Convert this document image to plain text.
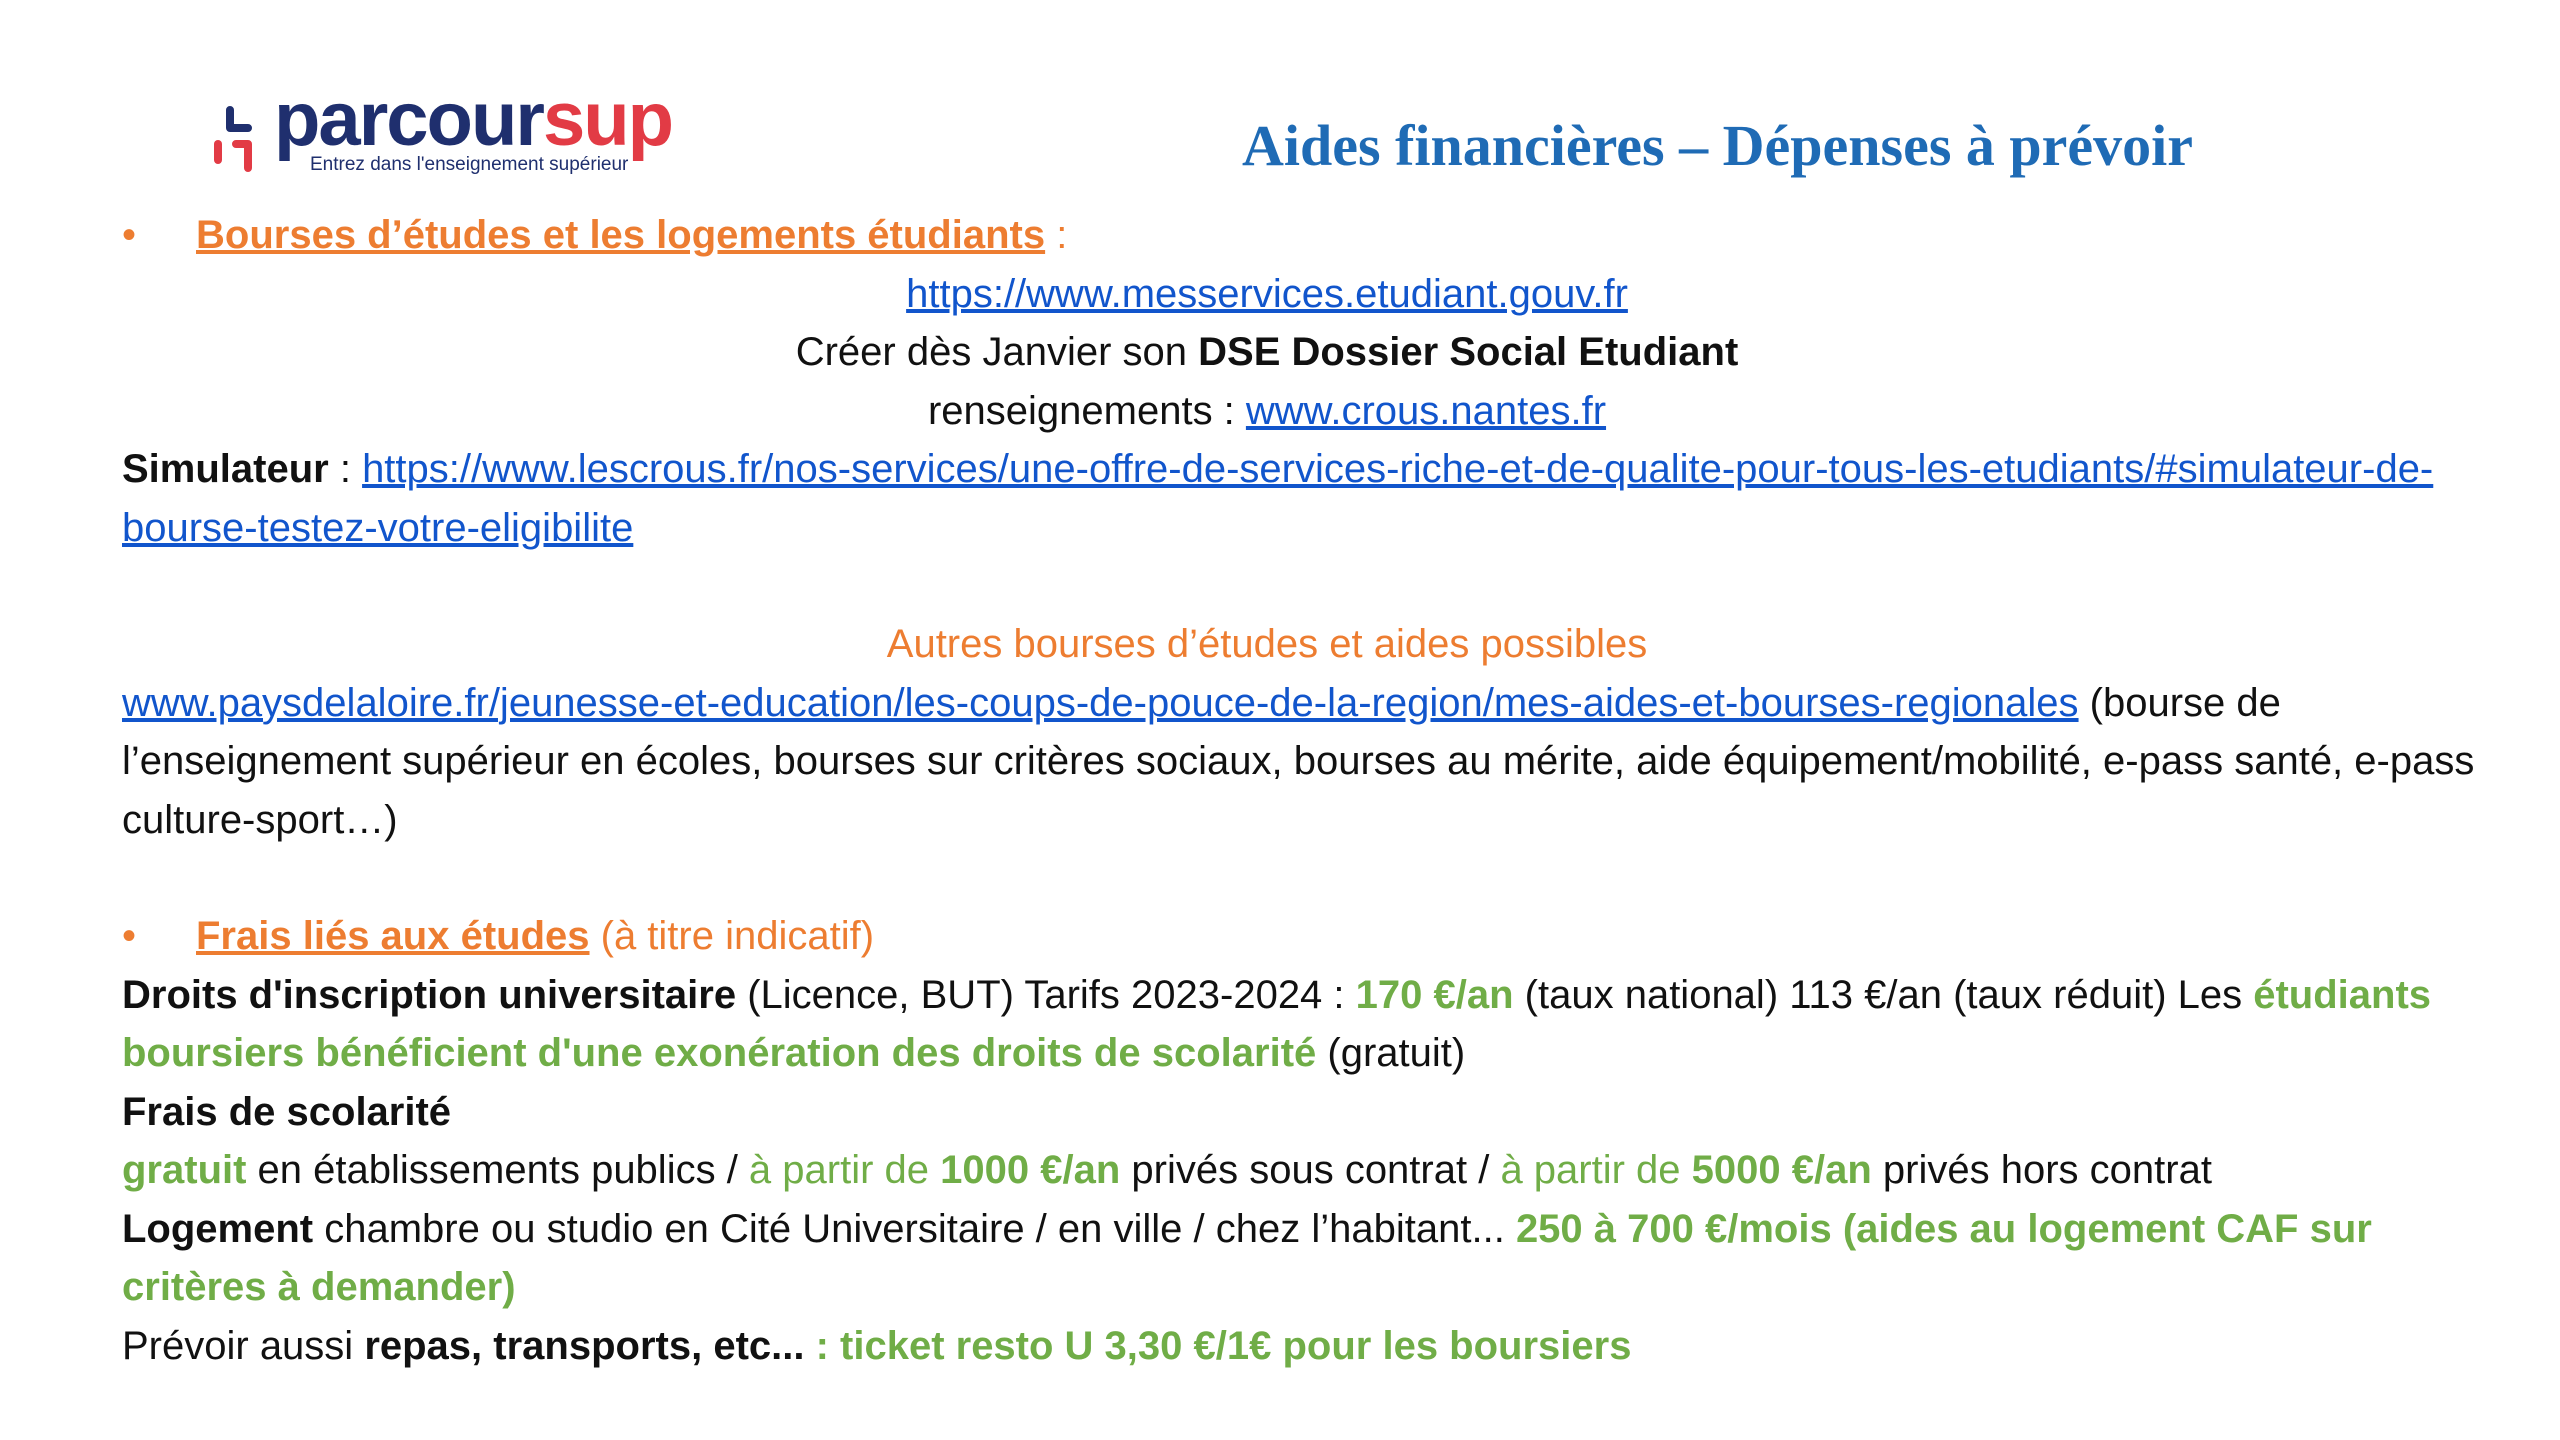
parcoursup
Entrez dans l'enseignement supérieur	Aides financières – Dépenses à prévoir

• Bourses d’études et les logements étudiants :

https://www.messervices.etudiant.gouv.fr

Créer dès Janvier son DSE Dossier Social Etudiant

renseignements : www.crous.nantes.fr

Simulateur : https://www.lescrous.fr/nos-services/une-offre-de-services-riche-et-de-qualite-pour-tous-les-etudiants/#simulateur-de-bourse-testez-votre-eligibilite

Autres bourses d’études et aides possibles

www.paysdelaloire.fr/jeunesse-et-education/les-coups-de-pouce-de-la-region/mes-aides-et-bourses-regionales (bourse de l’enseignement supérieur en écoles, bourses sur critères sociaux, bourses au mérite, aide équipement/mobilité, e-pass santé, e-pass culture-sport…)

• Frais liés aux études (à titre indicatif)

Droits d'inscription universitaire (Licence, BUT) Tarifs 2023-2024 : 170 €/an (taux national) 113 €/an (taux réduit) Les étudiants boursiers bénéficient d'une exonération des droits de scolarité (gratuit)

Frais de scolarité

gratuit en établissements publics / à partir de 1000 €/an privés sous contrat / à partir de 5000 €/an privés hors contrat

Logement chambre ou studio en Cité Universitaire / en ville / chez l’habitant... 250 à 700 €/mois (aides au logement CAF sur critères à demander)

Prévoir aussi repas, transports, etc... : ticket resto U 3,30 €/1€ pour les boursiers
